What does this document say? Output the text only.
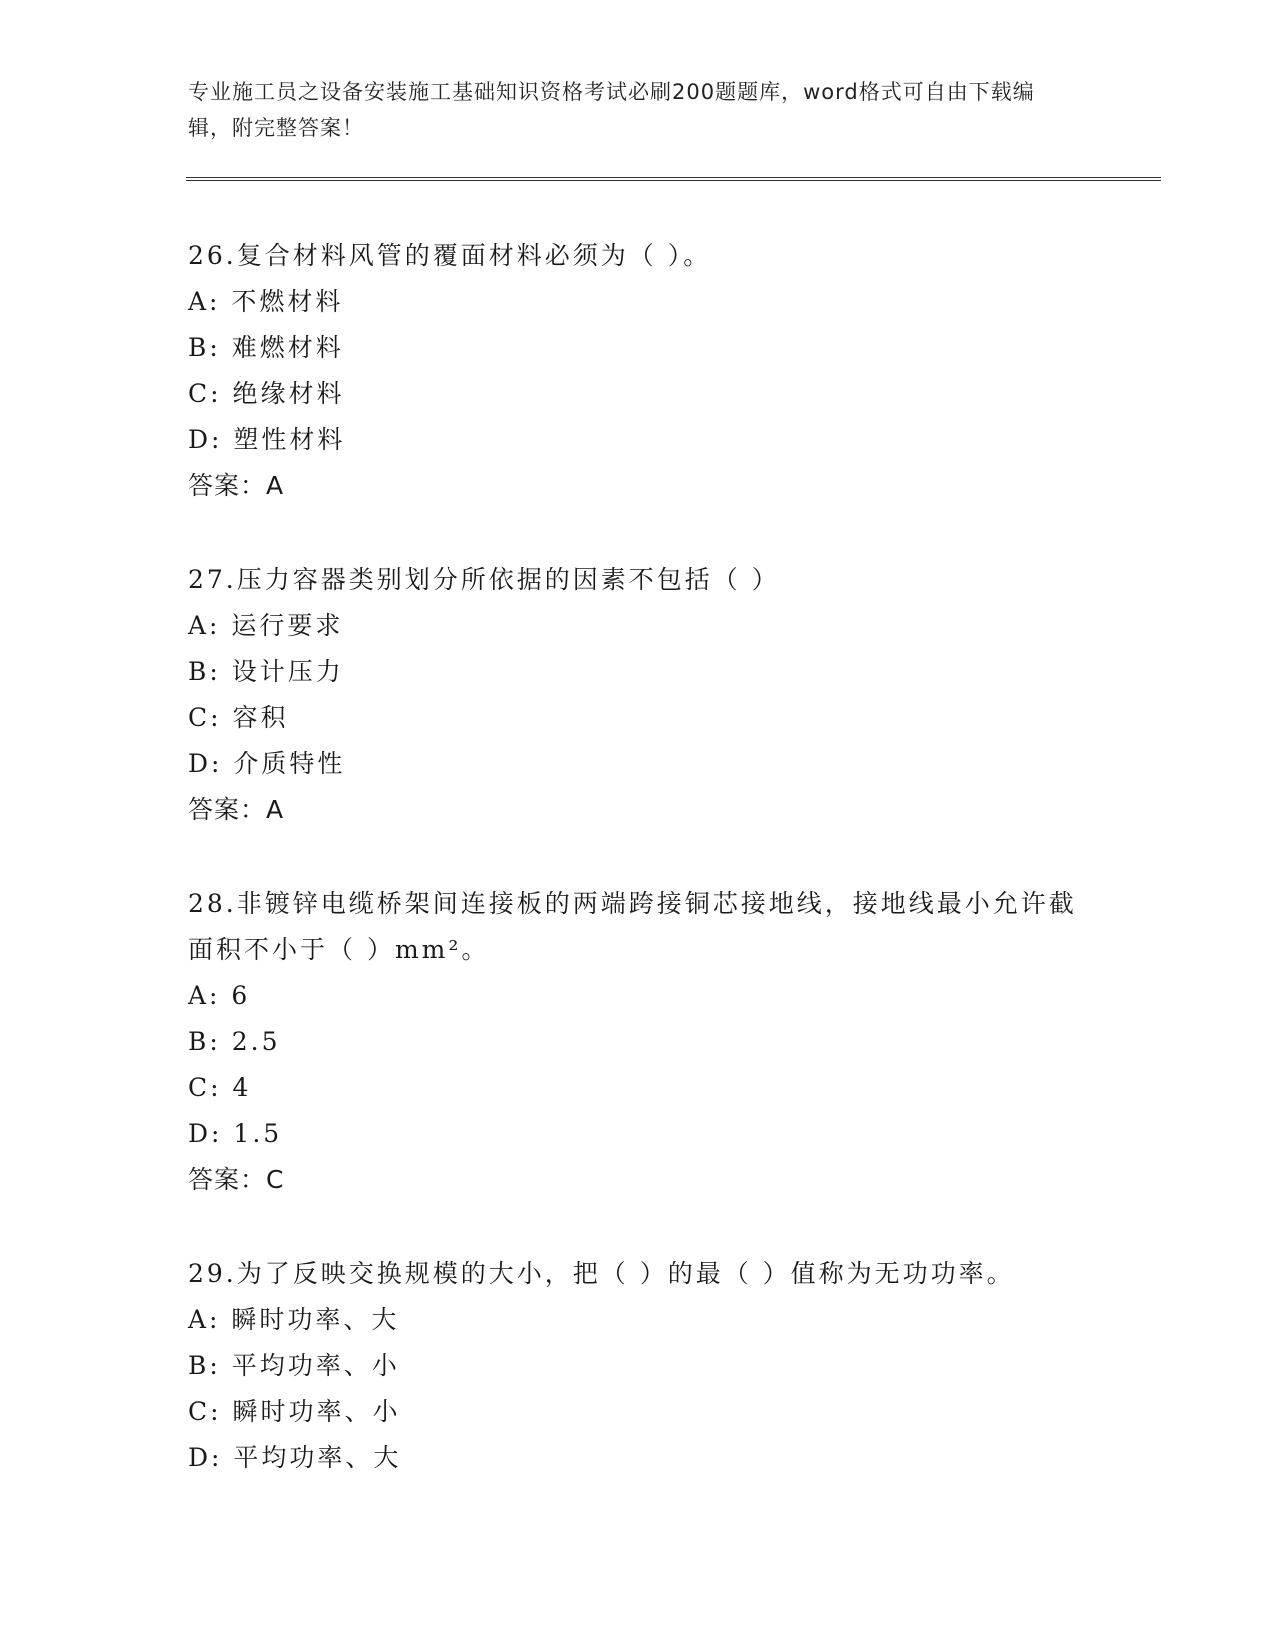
专业施工员之设备安装施工基础知识资格考试必刷200题题库，word格式可自由下载编辑，附完整答案！

26.复合材料风管的覆面材料必须为（ ）。

A: 不燃材料

B: 难燃材料

C: 绝缘材料

D: 塑性材料

答案：A

27.压力容器类别划分所依据的因素不包括（ ）

A: 运行要求

B: 设计压力

C: 容积

D: 介质特性

答案：A

28.非镀锌电缆桥架间连接板的两端跨接铜芯接地线，接地线最小允许截面积不小于（ ）mm²。

A: 6

B: 2.5

C: 4

D: 1.5

答案：C

29.为了反映交换规模的大小，把（ ）的最（ ）值称为无功功率。

A: 瞬时功率、大

B: 平均功率、小

C: 瞬时功率、小

D: 平均功率、大
